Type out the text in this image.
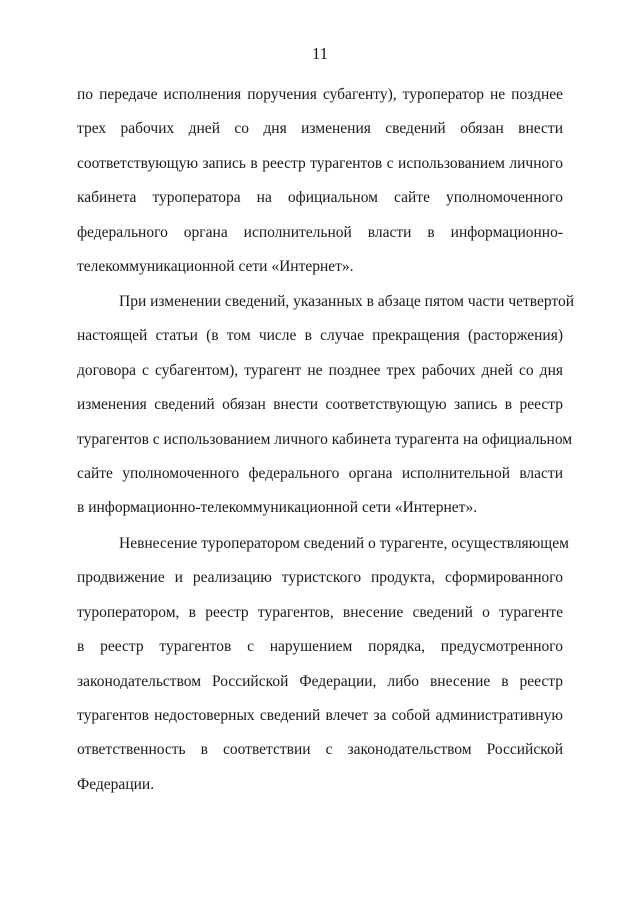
11
по передаче исполнения поручения субагенту), туроператор не позднее
трех рабочих дней со дня изменения сведений обязан внести
соответствующую запись в реестр турагентов с использованием личного
кабинета туроператора на официальном сайте уполномоченного
федерального органа исполнительной власти в информационно-
телекоммуникационной сети «Интернет».
При изменении сведений, указанных в абзаце пятом части четвертой
настоящей статьи (в том числе в случае прекращения (расторжения)
договора с субагентом), турагент не позднее трех рабочих дней со дня
изменения сведений обязан внести соответствующую запись в реестр
турагентов с использованием личного кабинета турагента на официальном
сайте уполномоченного федерального органа исполнительной власти
в информационно-телекоммуникационной сети «Интернет».
Невнесение туроператором сведений о турагенте, осуществляющем
продвижение и реализацию туристского продукта, сформированного
туроператором, в реестр турагентов, внесение сведений о турагенте
в реестр турагентов с нарушением порядка, предусмотренного
законодательством Российской Федерации, либо внесение в реестр
турагентов недостоверных сведений влечет за собой административную
ответственность в соответствии с законодательством Российской
Федерации.
